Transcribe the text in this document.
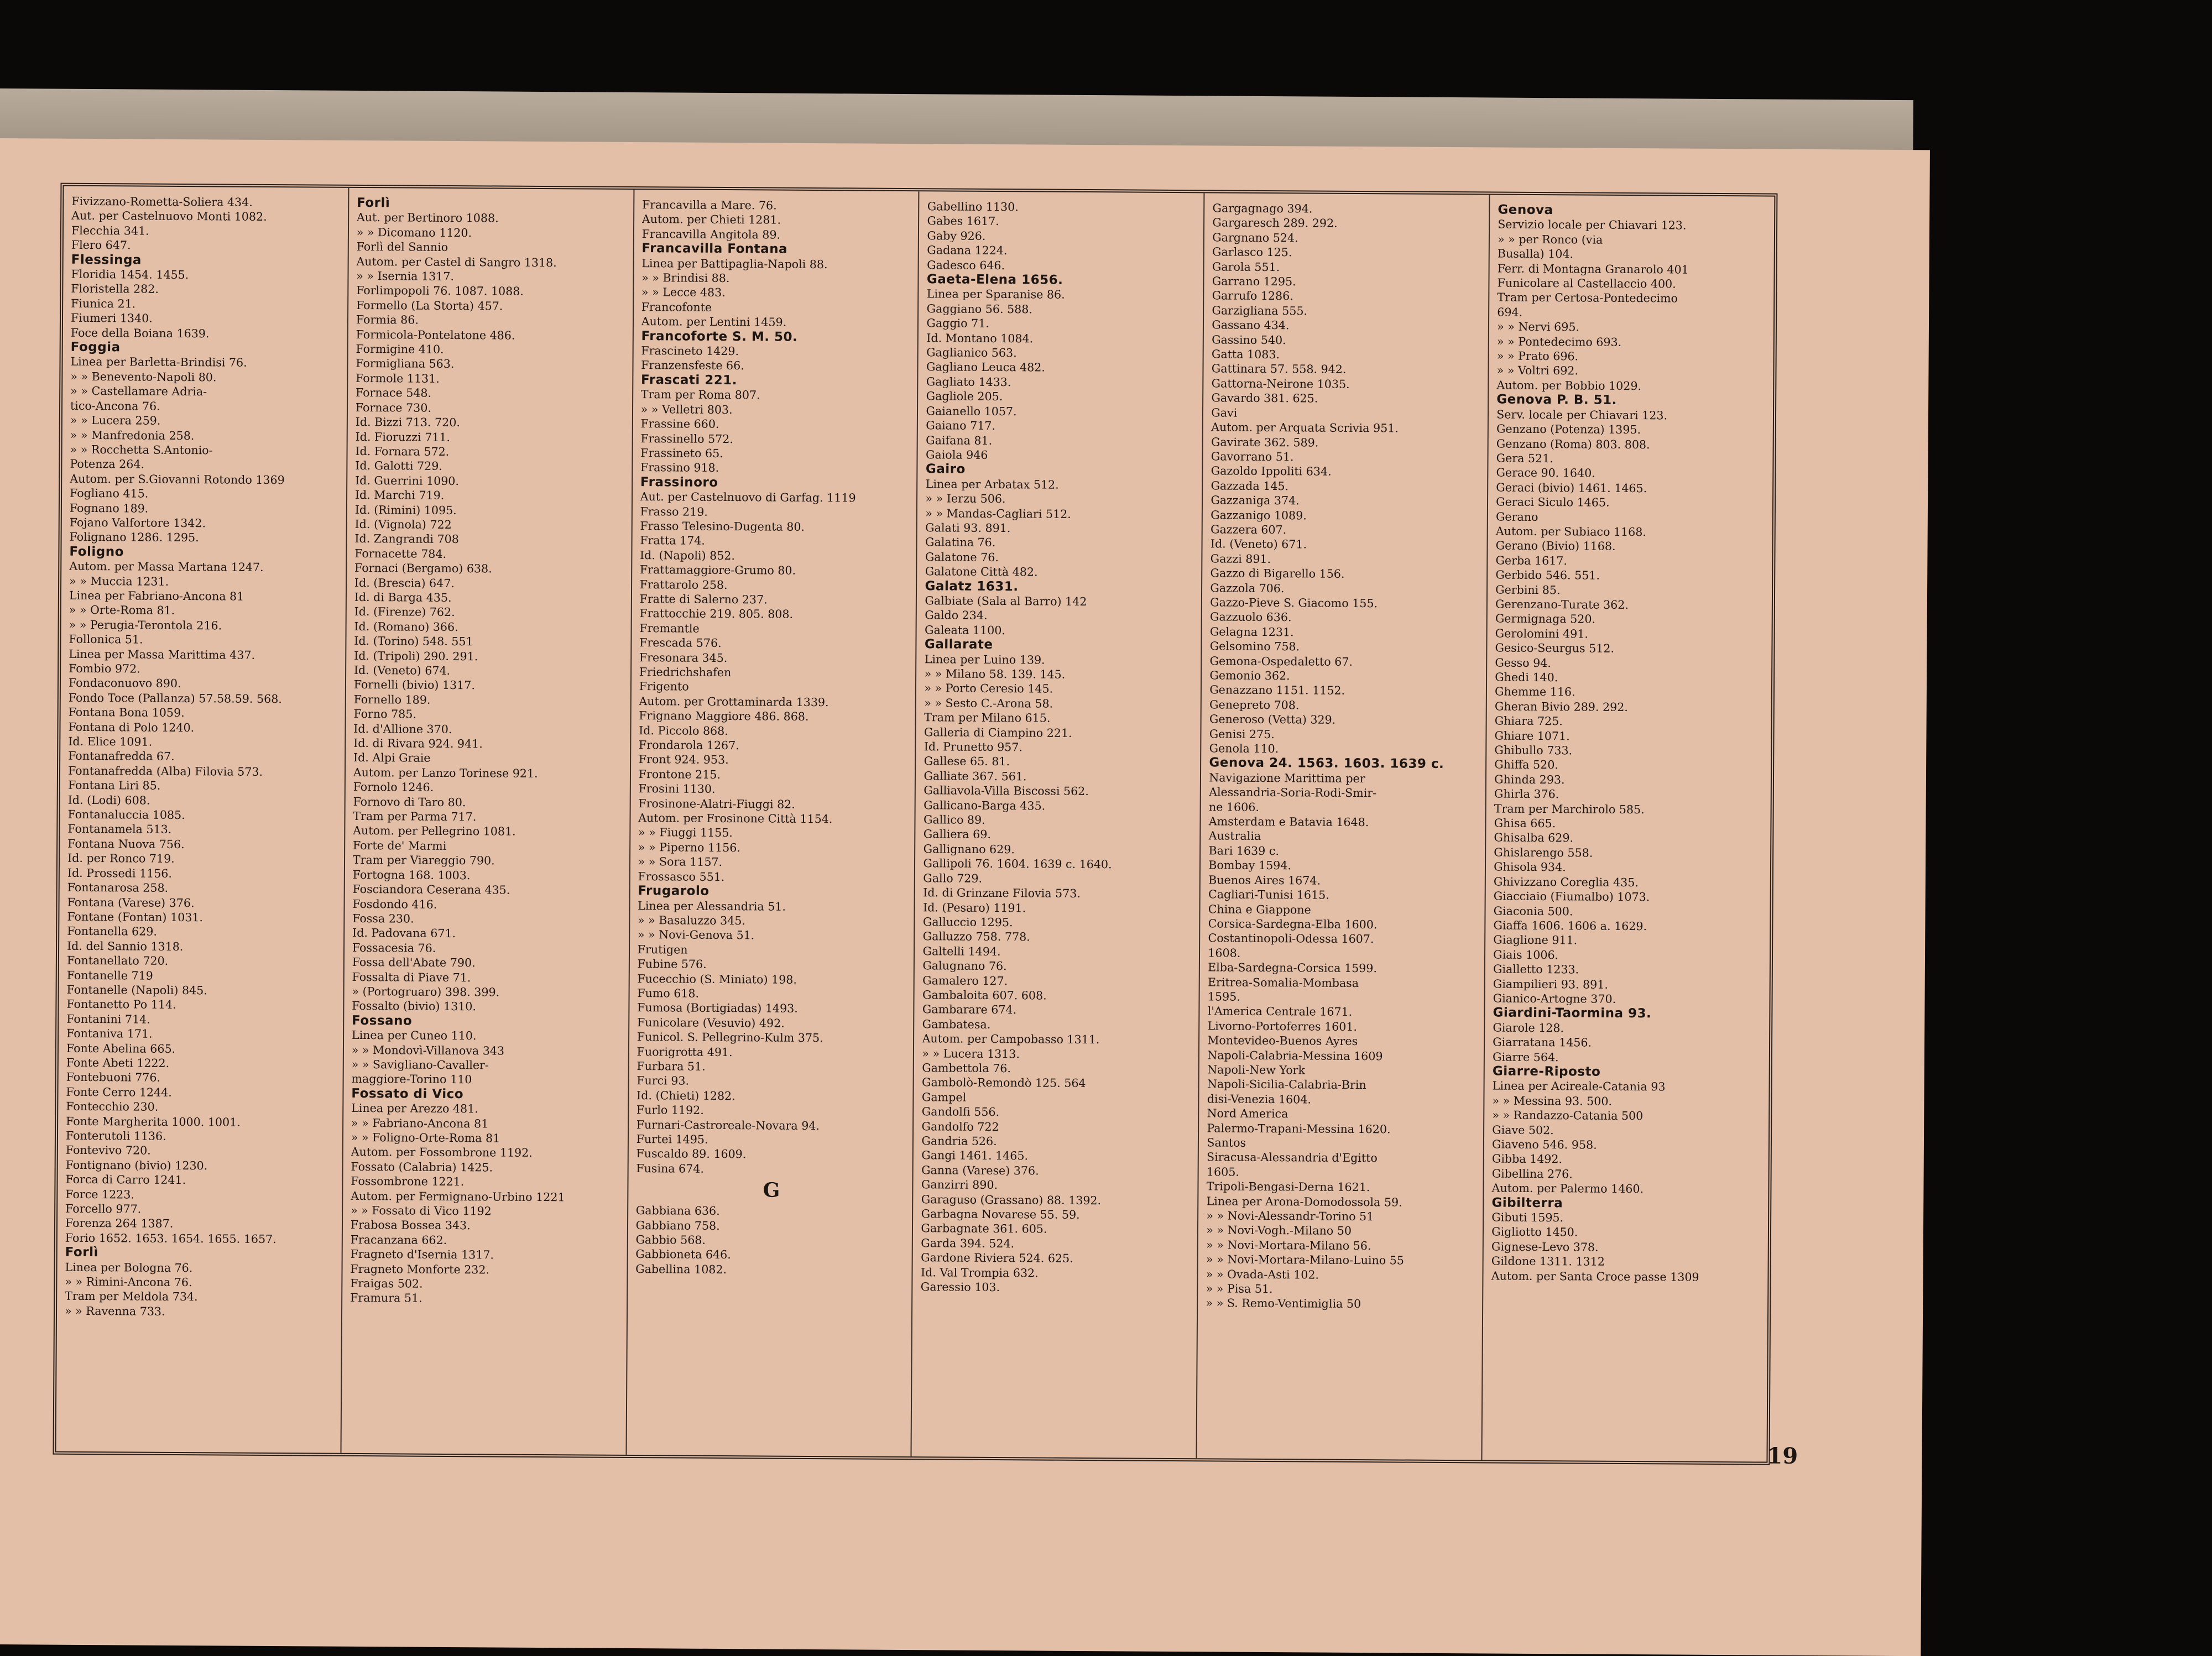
Fivizzano-Rometta-Soliera 434.
Aut. per Castelnuovo Monti 1082.
Flecchia 341.
Flero 647.
Flessinga
Floridia 1454. 1455.
Floristella 282.
Fiunica 21.
Fiumeri 1340.
Foce della Boiana 1639.
Foggia
Linea per Barletta-Brindisi 76.
» » Benevento-Napoli 80.
» » Castellamare Adria-
tico-Ancona 76.
» » Lucera 259.
» » Manfredonia 258.
» » Rocchetta S.Antonio-
Potenza 264.
Autom. per S.Giovanni Rotondo 1369
Fogliano 415.
Fognano 189.
Fojano Valfortore 1342.
Folignano 1286. 1295.
Foligno
Autom. per Massa Martana 1247.
» » Muccia 1231.
Linea per Fabriano-Ancona 81
» » Orte-Roma 81.
» » Perugia-Terontola 216.
Follonica 51.
Linea per Massa Marittima 437.
Fombio 972.
Fondaconuovo 890.
Fondo Toce (Pallanza) 57.58.59. 568.
Fontana Bona 1059.
Fontana di Polo 1240.
Id. Elice 1091.
Fontanafredda 67.
Fontanafredda (Alba) Filovia 573.
Fontana Liri 85.
Id. (Lodi) 608.
Fontanaluccia 1085.
Fontanamela 513.
Fontana Nuova 756.
Id. per Ronco 719.
Id. Prossedi 1156.
Fontanarosa 258.
Fontana (Varese) 376.
Fontane (Fontan) 1031.
Fontanella 629.
Id. del Sannio 1318.
Fontanellato 720.
Fontanelle 719
Fontanelle (Napoli) 845.
Fontanetto Po 114.
Fontanini 714.
Fontaniva 171.
Fonte Abelina 665.
Fonte Abeti 1222.
Fontebuoni 776.
Fonte Cerro 1244.
Fontecchio 230.
Fonte Margherita 1000. 1001.
Fonterutoli 1136.
Fontevivo 720.
Fontignano (bivio) 1230.
Forca di Carro 1241.
Force 1223.
Forcello 977.
Forenza 264 1387.
Forio 1652. 1653. 1654. 1655. 1657.
Forlì
Linea per Bologna 76.
» » Rimini-Ancona 76.
Tram per Meldola 734.
» » Ravenna 733.
Forlì
Aut. per Bertinoro 1088.
» » Dicomano 1120.
Forlì del Sannio
Autom. per Castel di Sangro 1318.
» » Isernia 1317.
Forlimpopoli 76. 1087. 1088.
Formello (La Storta) 457.
Formia 86.
Formicola-Pontelatone 486.
Formigine 410.
Formigliana 563.
Formole 1131.
Fornace 548.
Fornace 730.
Id. Bizzi 713. 720.
Id. Fioruzzi 711.
Id. Fornara 572.
Id. Galotti 729.
Id. Guerrini 1090.
Id. Marchi 719.
Id. (Rimini) 1095.
Id. (Vignola) 722
Id. Zangrandi 708
Fornacette 784.
Fornaci (Bergamo) 638.
Id. (Brescia) 647.
Id. di Barga 435.
Id. (Firenze) 762.
Id. (Romano) 366.
Id. (Torino) 548. 551
Id. (Tripoli) 290. 291.
Id. (Veneto) 674.
Fornelli (bivio) 1317.
Fornello 189.
Forno 785.
Id. d'Allione 370.
Id. di Rivara 924. 941.
Id. Alpi Graie
Autom. per Lanzo Torinese 921.
Fornolo 1246.
Fornovo di Taro 80.
Tram per Parma 717.
Autom. per Pellegrino 1081.
Forte de' Marmi
Tram per Viareggio 790.
Fortogna 168. 1003.
Fosciandora Ceserana 435.
Fosdondo 416.
Fossa 230.
Id. Padovana 671.
Fossacesia 76.
Fossa dell'Abate 790.
Fossalta di Piave 71.
» (Portogruaro) 398. 399.
Fossalto (bivio) 1310.
Fossano
Linea per Cuneo 110.
» » Mondovì-Villanova 343
» » Savigliano-Cavaller-
maggiore-Torino 110
Fossato di Vico
Linea per Arezzo 481.
» » Fabriano-Ancona 81
» » Foligno-Orte-Roma 81
Autom. per Fossombrone 1192.
Fossato (Calabria) 1425.
Fossombrone 1221.
Autom. per Fermignano-Urbino 1221
» » Fossato di Vico 1192
Frabosa Bossea 343.
Fracanzana 662.
Fragneto d'Isernia 1317.
Fragneto Monforte 232.
Fraigas 502.
Framura 51.
Francavilla a Mare. 76.
Autom. per Chieti 1281.
Francavilla Angitola 89.
Francavilla Fontana
Linea per Battipaglia-Napoli 88.
» » Brindisi 88.
» » Lecce 483.
Francofonte
Autom. per Lentini 1459.
Francoforte S. M. 50.
Frascineto 1429.
Franzensfeste 66.
Frascati 221.
Tram per Roma 807.
» » Velletri 803.
Frassine 660.
Frassinello 572.
Frassineto 65.
Frassino 918.
Frassinoro
Aut. per Castelnuovo di Garfag. 1119
Frasso 219.
Frasso Telesino-Dugenta 80.
Fratta 174.
Id. (Napoli) 852.
Frattamaggiore-Grumo 80.
Frattarolo 258.
Fratte di Salerno 237.
Frattocchie 219. 805. 808.
Fremantle
Frescada 576.
Fresonara 345.
Friedrichshafen
Frigento
Autom. per Grottaminarda 1339.
Frignano Maggiore 486. 868.
Id. Piccolo 868.
Frondarola 1267.
Front 924. 953.
Frontone 215.
Frosini 1130.
Frosinone-Alatri-Fiuggi 82.
Autom. per Frosinone Città 1154.
» » Fiuggi 1155.
» » Piperno 1156.
» » Sora 1157.
Frossasco 551.
Frugarolo
Linea per Alessandria 51.
» » Basaluzzo 345.
» » Novi-Genova 51.
Frutigen
Fubine 576.
Fucecchio (S. Miniato) 198.
Fumo 618.
Fumosa (Bortigiadas) 1493.
Funicolare (Vesuvio) 492.
Funicol. S. Pellegrino-Kulm 375.
Fuorigrotta 491.
Furbara 51.
Furci 93.
Id. (Chieti) 1282.
Furlo 1192.
Furnari-Castroreale-Novara 94.
Furtei 1495.
Fuscaldo 89. 1609.
Fusina 674.
G
Gabbiana 636.
Gabbiano 758.
Gabbio 568.
Gabbioneta 646.
Gabellina 1082.
Gabellino 1130.
Gabes 1617.
Gaby 926.
Gadana 1224.
Gadesco 646.
Gaeta-Elena 1656.
Linea per Sparanise 86.
Gaggiano 56. 588.
Gaggio 71.
Id. Montano 1084.
Gaglianico 563.
Gagliano Leuca 482.
Gagliato 1433.
Gagliole 205.
Gaianello 1057.
Gaiano 717.
Gaifana 81.
Gaiola 946
Gairo
Linea per Arbatax 512.
» » Ierzu 506.
» » Mandas-Cagliari 512.
Galati 93. 891.
Galatina 76.
Galatone 76.
Galatone Città 482.
Galatz 1631.
Galbiate (Sala al Barro) 142
Galdo 234.
Galeata 1100.
Gallarate
Linea per Luino 139.
» » Milano 58. 139. 145.
» » Porto Ceresio 145.
» » Sesto C.-Arona 58.
Tram per Milano 615.
Galleria di Ciampino 221.
Id. Prunetto 957.
Gallese 65. 81.
Galliate 367. 561.
Galliavola-Villa Biscossi 562.
Gallicano-Barga 435.
Gallico 89.
Galliera 69.
Gallignano 629.
Gallipoli 76. 1604. 1639 c. 1640.
Gallo 729.
Id. di Grinzane Filovia 573.
Id. (Pesaro) 1191.
Galluccio 1295.
Galluzzo 758. 778.
Galtelli 1494.
Galugnano 76.
Gamalero 127.
Gambaloita 607. 608.
Gambarare 674.
Gambatesa.
Autom. per Campobasso 1311.
» » Lucera 1313.
Gambettola 76.
Gambolò-Remondò 125. 564
Gampel
Gandolfi 556.
Gandolfo 722
Gandria 526.
Gangi 1461. 1465.
Ganna (Varese) 376.
Ganzirri 890.
Garaguso (Grassano) 88. 1392.
Garbagna Novarese 55. 59.
Garbagnate 361. 605.
Garda 394. 524.
Gardone Riviera 524. 625.
Id. Val Trompia 632.
Garessio 103.
Gargagnago 394.
Gargaresch 289. 292.
Gargnano 524.
Garlasco 125.
Garola 551.
Garrano 1295.
Garrufo 1286.
Garzigliana 555.
Gassano 434.
Gassino 540.
Gatta 1083.
Gattinara 57. 558. 942.
Gattorna-Neirone 1035.
Gavardo 381. 625.
Gavi
Autom. per Arquata Scrivia 951.
Gavirate 362. 589.
Gavorrano 51.
Gazoldo Ippoliti 634.
Gazzada 145.
Gazzaniga 374.
Gazzanigo 1089.
Gazzera 607.
Id. (Veneto) 671.
Gazzi 891.
Gazzo di Bigarello 156.
Gazzola 706.
Gazzo-Pieve S. Giacomo 155.
Gazzuolo 636.
Gelagna 1231.
Gelsomino 758.
Gemona-Ospedaletto 67.
Gemonio 362.
Genazzano 1151. 1152.
Genepreto 708.
Generoso (Vetta) 329.
Genisi 275.
Genola 110.
Genova 24. 1563. 1603. 1639 c.
Navigazione Marittima per
Alessandria-Soria-Rodi-Smir-
ne 1606.
Amsterdam e Batavia 1648.
Australia
Bari 1639 c.
Bombay 1594.
Buenos Aires 1674.
Cagliari-Tunisi 1615.
China e Giappone
Corsica-Sardegna-Elba 1600.
Costantinopoli-Odessa 1607.
1608.
Elba-Sardegna-Corsica 1599.
Eritrea-Somalia-Mombasa
1595.
l'America Centrale 1671.
Livorno-Portoferres 1601.
Montevideo-Buenos Ayres
Napoli-Calabria-Messina 1609
Napoli-New York
Napoli-Sicilia-Calabria-Brin
disi-Venezia 1604.
Nord America
Palermo-Trapani-Messina 1620.
Santos
Siracusa-Alessandria d'Egitto
1605.
Tripoli-Bengasi-Derna 1621.
Linea per Arona-Domodossola 59.
» » Novi-Alessandr-Torino 51
» » Novi-Vogh.-Milano 50
» » Novi-Mortara-Milano 56.
» » Novi-Mortara-Milano-Luino 55
» » Ovada-Asti 102.
» » Pisa 51.
» » S. Remo-Ventimiglia 50
Genova
Servizio locale per Chiavari 123.
» » per Ronco (via
Busalla) 104.
Ferr. di Montagna Granarolo 401
Funicolare al Castellaccio 400.
Tram per Certosa-Pontedecimo
694.
» » Nervi 695.
» » Pontedecimo 693.
» » Prato 696.
» » Voltri 692.
Autom. per Bobbio 1029.
Genova P. B. 51.
Serv. locale per Chiavari 123.
Genzano (Potenza) 1395.
Genzano (Roma) 803. 808.
Gera 521.
Gerace 90. 1640.
Geraci (bivio) 1461. 1465.
Geraci Siculo 1465.
Gerano
Autom. per Subiaco 1168.
Gerano (Bivio) 1168.
Gerba 1617.
Gerbido 546. 551.
Gerbini 85.
Gerenzano-Turate 362.
Germignaga 520.
Gerolomini 491.
Gesico-Seurgus 512.
Gesso 94.
Ghedi 140.
Ghemme 116.
Gheran Bivio 289. 292.
Ghiara 725.
Ghiare 1071.
Ghibullo 733.
Ghiffa 520.
Ghinda 293.
Ghirla 376.
Tram per Marchirolo 585.
Ghisa 665.
Ghisalba 629.
Ghislarengo 558.
Ghisola 934.
Ghivizzano Coreglia 435.
Giacciaio (Fiumalbo) 1073.
Giaconia 500.
Giaffa 1606. 1606 a. 1629.
Giaglione 911.
Giais 1006.
Gialletto 1233.
Giampilieri 93. 891.
Gianico-Artogne 370.
Giardini-Taormina 93.
Giarole 128.
Giarratana 1456.
Giarre 564.
Giarre-Riposto
Linea per Acireale-Catania 93
» » Messina 93. 500.
» » Randazzo-Catania 500
Giave 502.
Giaveno 546. 958.
Gibba 1492.
Gibellina 276.
Autom. per Palermo 1460.
Gibilterra
Gibuti 1595.
Gigliotto 1450.
Gignese-Levo 378.
Gildone 1311. 1312
Autom. per Santa Croce passe 1309
19
